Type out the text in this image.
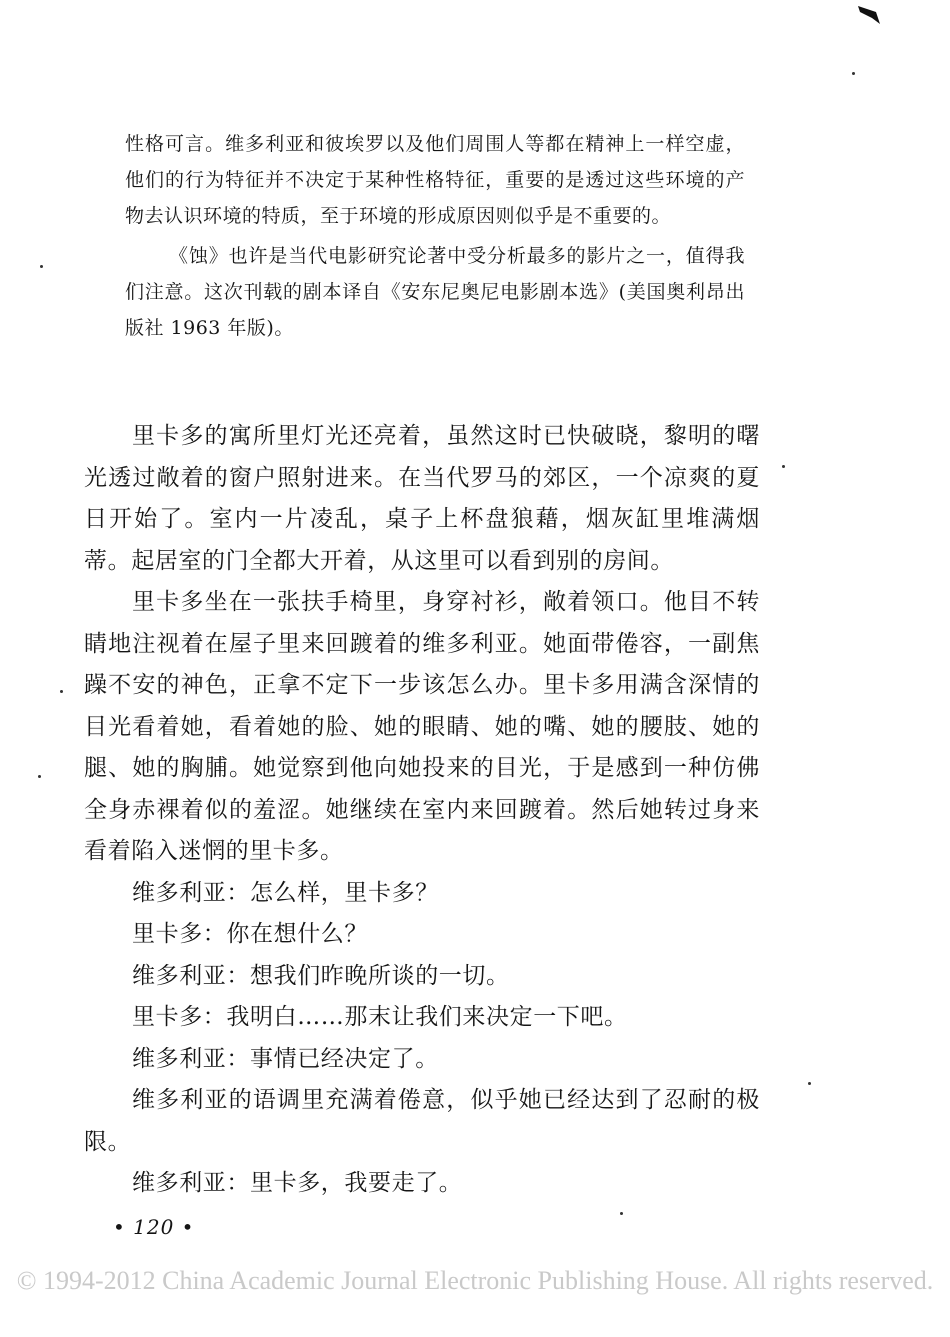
性格可言。维多利亚和彼埃罗以及他们周围人等都在精神上一样空虚，他们的行为特征并不决定于某种性格特征，重要的是透过这些环境的产物去认识环境的特质，至于环境的形成原因则似乎是不重要的。

《蚀》也许是当代电影研究论著中受分析最多的影片之一，值得我们注意。这次刊载的剧本译自《安东尼奥尼电影剧本选》(美国奥利昂出版社 1963 年版)。

里卡多的寓所里灯光还亮着，虽然这时已快破晓，黎明的曙光透过敞着的窗户照射进来。在当代罗马的郊区，一个凉爽的夏日开始了。室内一片凌乱，桌子上杯盘狼藉，烟灰缸里堆满烟蒂。起居室的门全都大开着，从这里可以看到别的房间。

里卡多坐在一张扶手椅里，身穿衬衫，敞着领口。他目不转睛地注视着在屋子里来回踱着的维多利亚。她面带倦容，一副焦躁不安的神色，正拿不定下一步该怎么办。里卡多用满含深情的目光看着她，看着她的脸、她的眼睛、她的嘴、她的腰肢、她的腿、她的胸脯。她觉察到他向她投来的目光，于是感到一种仿佛全身赤裸着似的羞涩。她继续在室内来回踱着。然后她转过身来看着陷入迷惘的里卡多。

维多利亚：怎么样，里卡多？

里卡多：你在想什么？

维多利亚：想我们昨晚所谈的一切。

里卡多：我明白……那末让我们来决定一下吧。

维多利亚：事情已经决定了。

维多利亚的语调里充满着倦意，似乎她已经达到了忍耐的极限。

维多利亚：里卡多，我要走了。

• 120 •
© 1994-2012 China Academic Journal Electronic Publishing House. All rights reserved.
